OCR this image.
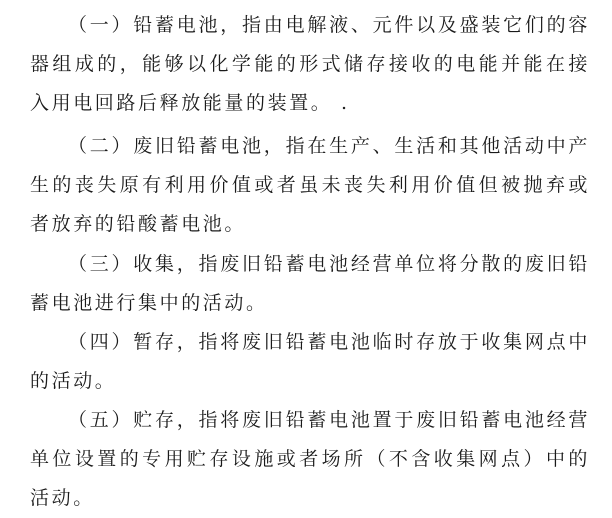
（一）铅蓄电池，指由电解液、元件以及盛装它们的容器组成的，能够以化学能的形式储存接收的电能并能在接入用电回路后释放能量的装置。 .

（二）废旧铅蓄电池，指在生产、生活和其他活动中产生的丧失原有利用价值或者虽未丧失利用价值但被抛弃或者放弃的铅酸蓄电池。

（三）收集，指废旧铅蓄电池经营单位将分散的废旧铅蓄电池进行集中的活动。

（四）暂存，指将废旧铅蓄电池临时存放于收集网点中的活动。

（五）贮存，指将废旧铅蓄电池置于废旧铅蓄电池经营单位设置的专用贮存设施或者场所（不含收集网点）中的活动。
